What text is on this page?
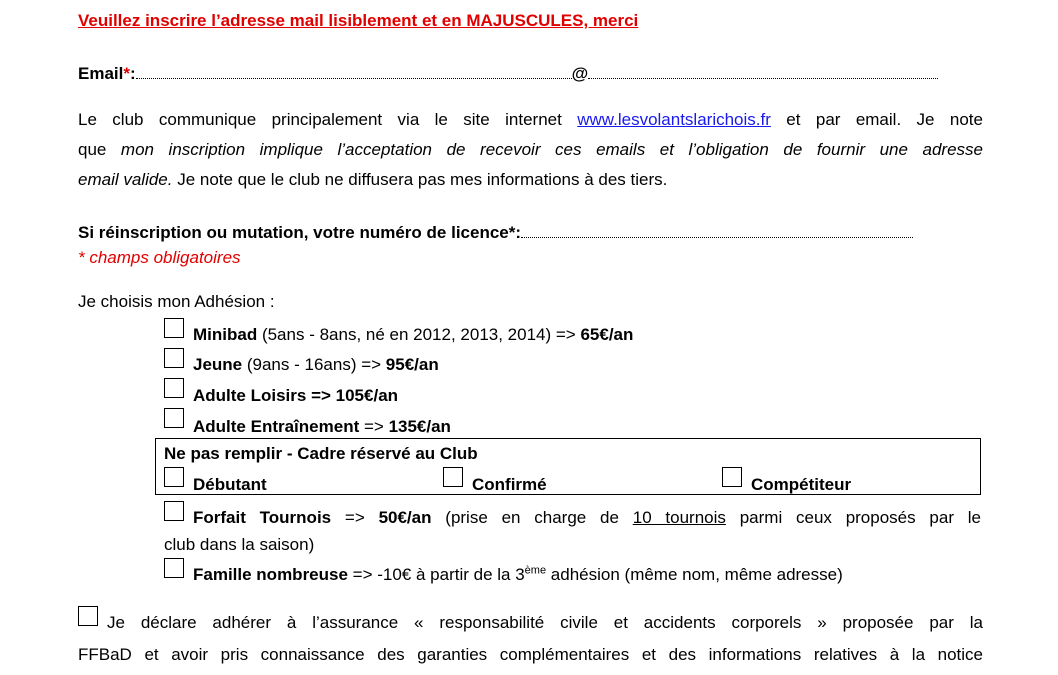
Veuillez inscrire l’adresse mail lisiblement et en MAJUSCULES, merci
Email*:	@
Le club communique principalement via le site internet www.lesvolantslarichois.fr et par email. Je note
que mon inscription implique l’acceptation de recevoir ces emails et l’obligation de fournir une adresse
email valide. Je note que le club ne diffusera pas mes informations à des tiers.
Si réinscription ou mutation, votre numéro de licence*:
* champs obligatoires
Je choisis mon Adhésion :
Minibad (5ans - 8ans, né en 2012, 2013, 2014) => 65€/an
Jeune (9ans - 16ans) => 95€/an
Adulte Loisirs => 105€/an
Adulte Entraînement => 135€/an
Ne pas remplir - Cadre réservé au Club
Débutant	Confirmé	Compétiteur
Forfait Tournois => 50€/an (prise en charge de 10 tournois parmi ceux proposés par le
club dans la saison)
Famille nombreuse => -10€ à partir de la 3ème adhésion (même nom, même adresse)
Je déclare adhérer à l’assurance « responsabilité civile et accidents corporels » proposée par la
FFBaD et avoir pris connaissance des garanties complémentaires et des informations relatives à la notice
